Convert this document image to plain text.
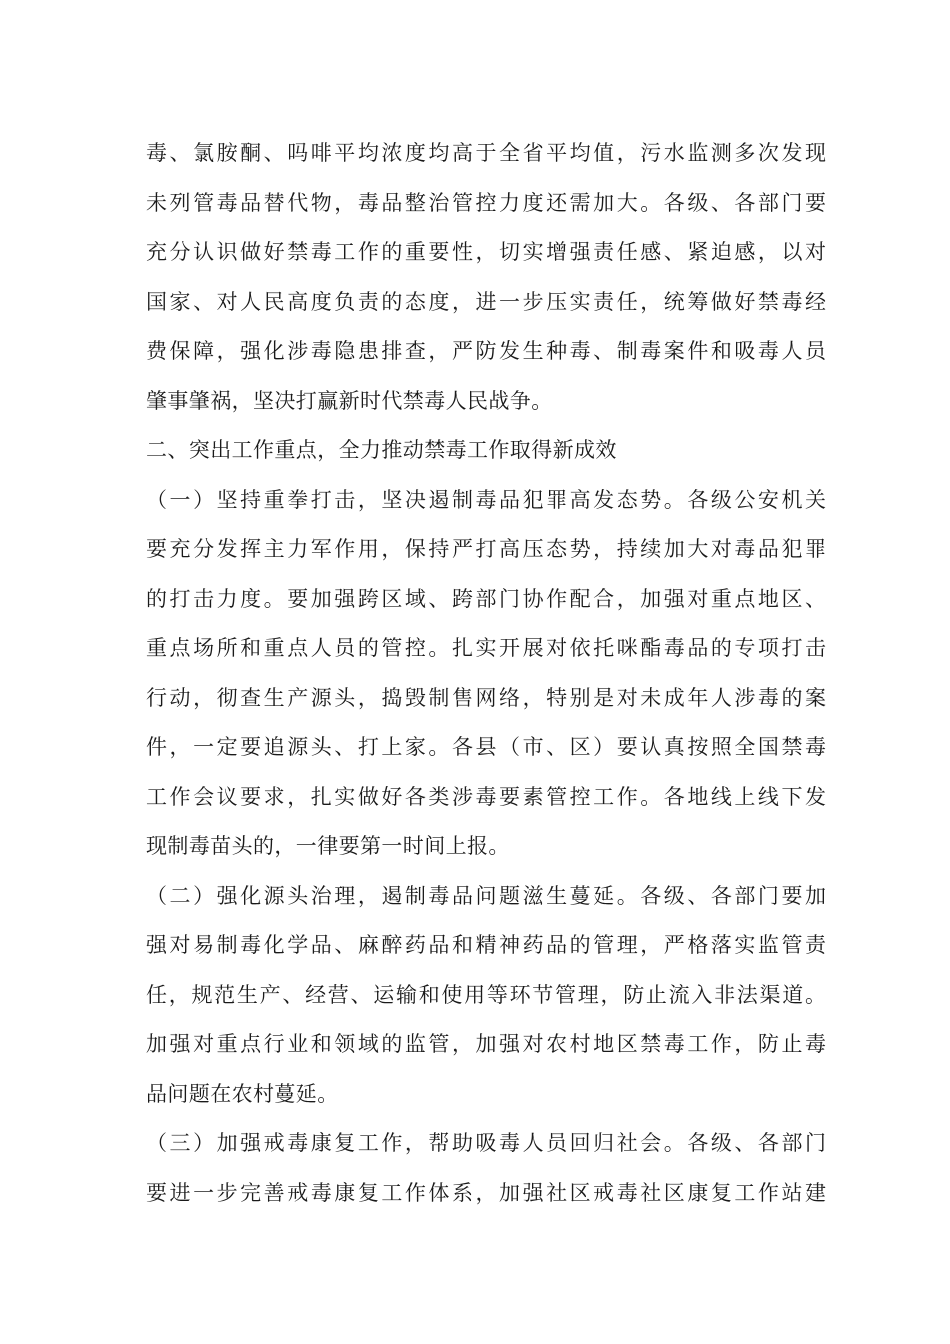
毒、氯胺酮、吗啡平均浓度均高于全省平均值，污水监测多次发现
未列管毒品替代物，毒品整治管控力度还需加大。各级、各部门要
充分认识做好禁毒工作的重要性，切实增强责任感、紧迫感，以对
国家、对人民高度负责的态度，进一步压实责任，统筹做好禁毒经
费保障，强化涉毒隐患排查，严防发生种毒、制毒案件和吸毒人员
肇事肇祸，坚决打赢新时代禁毒人民战争。
二、突出工作重点，全力推动禁毒工作取得新成效
（一）坚持重拳打击，坚决遏制毒品犯罪高发态势。各级公安机关
要充分发挥主力军作用，保持严打高压态势，持续加大对毒品犯罪
的打击力度。要加强跨区域、跨部门协作配合，加强对重点地区、
重点场所和重点人员的管控。扎实开展对依托咪酯毒品的专项打击
行动，彻查生产源头，捣毁制售网络，特别是对未成年人涉毒的案
件，一定要追源头、打上家。各县（市、区）要认真按照全国禁毒
工作会议要求，扎实做好各类涉毒要素管控工作。各地线上线下发
现制毒苗头的，一律要第一时间上报。
（二）强化源头治理，遏制毒品问题滋生蔓延。各级、各部门要加
强对易制毒化学品、麻醉药品和精神药品的管理，严格落实监管责
任，规范生产、经营、运输和使用等环节管理，防止流入非法渠道。
加强对重点行业和领域的监管，加强对农村地区禁毒工作，防止毒
品问题在农村蔓延。
（三）加强戒毒康复工作，帮助吸毒人员回归社会。各级、各部门
要进一步完善戒毒康复工作体系，加强社区戒毒社区康复工作站建
